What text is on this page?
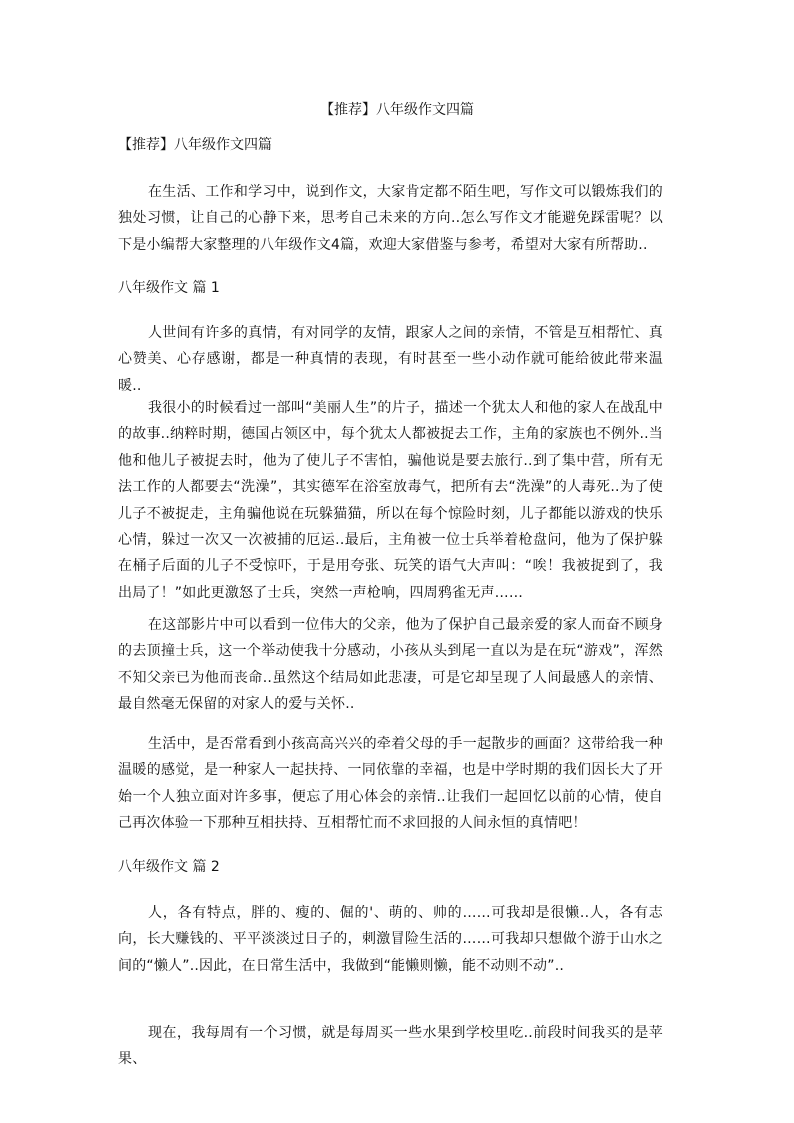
【推荐】八年级作文四篇
【推荐】八年级作文四篇

在生活、工作和学习中，说到作文，大家肯定都不陌生吧，写作文可以锻炼我们的独处习惯，让自己的心静下来，思考自己未来的方向..怎么写作文才能避免踩雷呢？以下是小编帮大家整理的八年级作文4篇，欢迎大家借鉴与参考，希望对大家有所帮助..

八年级作文 篇 1

人世间有许多的真情，有对同学的友情，跟家人之间的亲情，不管是互相帮忙、真心赞美、心存感谢，都是一种真情的表现，有时甚至一些小动作就可能给彼此带来温暖..

我很小的时候看过一部叫“美丽人生”的片子，描述一个犹太人和他的家人在战乱中的故事..纳粹时期，德国占领区中，每个犹太人都被捉去工作，主角的家族也不例外..当他和他儿子被捉去时，他为了使儿子不害怕，骗他说是要去旅行..到了集中营，所有无法工作的人都要去“洗澡”，其实德军在浴室放毒气，把所有去“洗澡”的人毒死..为了使儿子不被捉走，主角骗他说在玩躲猫猫，所以在每个惊险时刻，儿子都能以游戏的快乐心情，躲过一次又一次被捕的厄运..最后，主角被一位士兵举着枪盘问，他为了保护躲在桶子后面的儿子不受惊吓，于是用夸张、玩笑的语气大声叫：“唉！我被捉到了，我出局了！”如此更激怒了士兵，突然一声枪响，四周鸦雀无声……

在这部影片中可以看到一位伟大的父亲，他为了保护自己最亲爱的家人而奋不顾身的去顶撞士兵，这一个举动使我十分感动，小孩从头到尾一直以为是在玩“游戏”，浑然不知父亲已为他而丧命..虽然这个结局如此悲凄，可是它却呈现了人间最感人的亲情、最自然毫无保留的对家人的爱与关怀..

生活中，是否常看到小孩高高兴兴的牵着父母的手一起散步的画面？这带给我一种温暖的感觉，是一种家人一起扶持、一同依靠的幸福，也是中学时期的我们因长大了开始一个人独立面对许多事，便忘了用心体会的亲情..让我们一起回忆以前的心情，使自己再次体验一下那种互相扶持、互相帮忙而不求回报的人间永恒的真情吧！

八年级作文 篇 2

人，各有特点，胖的、瘦的、倔的'、萌的、帅的……可我却是很懒..人，各有志向，长大赚钱的、平平淡淡过日子的，刺激冒险生活的……可我却只想做个游于山水之间的“懒人”..因此，在日常生活中，我做到“能懒则懒，能不动则不动”..

现在，我每周有一个习惯，就是每周买一些水果到学校里吃..前段时间我买的是苹果、
